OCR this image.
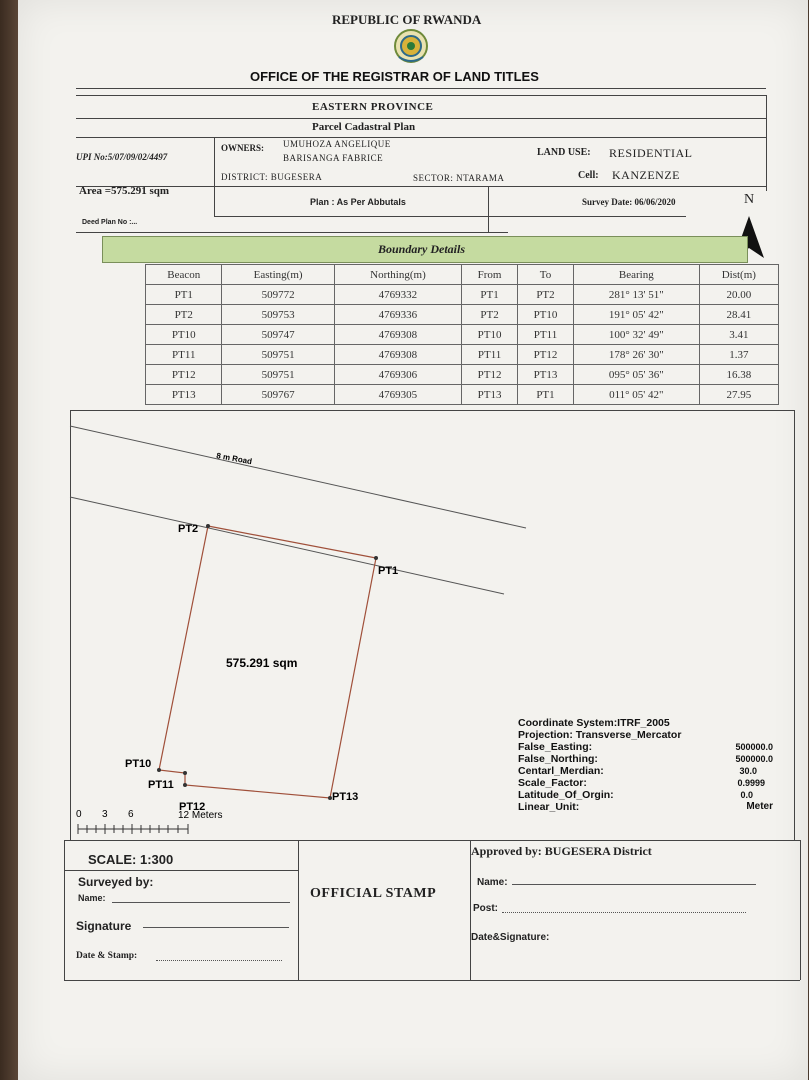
REPUBLIC OF RWANDA
OFFICE OF THE REGISTRAR OF LAND TITLES
EASTERN PROVINCE
Parcel Cadastral Plan
UPI No:5/07/09/02/4497
OWNERS: UMUHOZA ANGELIQUE
BARISANGA FABRICE	LAND USE: RESIDENTIAL
DISTRICT: BUGESERA	SECTOR: NTARAMA	Cell: KANZENZE
Area =575.291 sqm
Plan : As Per Abbutals	Survey Date: 06/06/2020	N
Deed Plan No :...
Boundary Details
Beacon	Easting(m)	Northing(m)	From	To	Bearing	Dist(m)
PT1	509772	4769332	PT1	PT2	281° 13' 51"	20.00
PT2	509753	4769336	PT2	PT10	191° 05' 42"	28.41
PT10	509747	4769308	PT10	PT11	100° 32' 49"	3.41
PT11	509751	4769308	PT11	PT12	178° 26' 30"	1.37
PT12	509751	4769306	PT12	PT13	095° 05' 36"	16.38
PT13	509767	4769305	PT13	PT1	011° 05' 42"	27.95
8 m Road
PT2
PT1
PT13
PT10
PT11
PT12
575.291 sqm
0 3 6	12 Meters
Coordinate System:ITRF_2005
Projection: Transverse_Mercator
False_Easting:	500000.0
False_Northing:	500000.0
Centarl_Merdian:	30.0
Scale_Factor:	0.9999
Latitude_Of_Orgin:	0.0
Linear_Unit:	Meter
SCALE: 1:300
Surveyed by:
Name:
Signature
Date & Stamp:
OFFICIAL STAMP
Approved by: BUGESERA District
Name:
Post:
Date&Signature:
